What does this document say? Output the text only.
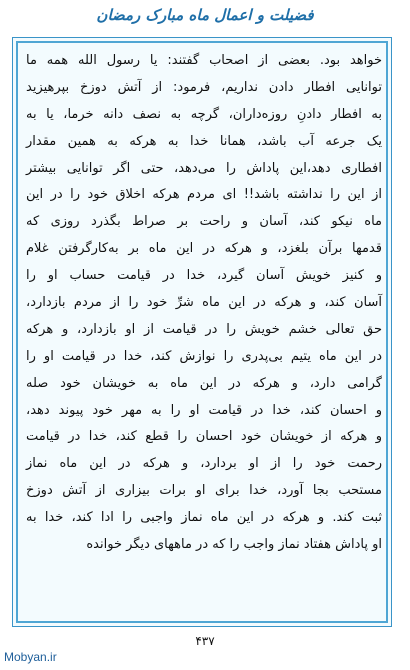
فضیلت و اعمال ماه مبارک رمضان
خواهد بود. بعضی از اصحاب گفتند: یا رسول الله همه ما
توانایی افطار دادن نداریم، فرمود: از آتش دوزخ بپرهیزید
به افطار دادنِ روزه‌داران، گرچه به نصف دانه خرما، یا به
یک جرعه آب باشد، همانا خدا به هرکه به همین مقدار
افطاری دهد،این پاداش را می‌دهد، حتی اگر توانایی بیشتر
از این را نداشته باشد!! ای مردم هرکه اخلاق خود را در این
ماه نیکو کند، آسان و راحت بر صراط بگذرد روزی که
قدمها برآن بلغزد، و هرکه در این ماه بر به‌کارگرفتن غلام
و کنیز خویش آسان گیرد، خدا در قیامت حساب او را
آسان کند، و هرکه در این ماه شرِّ خود را از مردم بازدارد،
حق تعالی خشم خویش را در قیامت از او بازدارد، و هرکه
در این ماه یتیم بی‌پدری را نوازش کند، خدا در قیامت او را
گرامی دارد، و هرکه در این ماه به خویشان خود صله
و احسان کند، خدا در قیامت او را به مهر خود پیوند دهد،
و هرکه از خویشان خود احسان را قطع کند، خدا در قیامت
رحمت خود را از او بردارد، و هرکه در این ماه نماز
مستحب بجا آورد، خدا برای او برات بیزاری از آتش دوزخ
ثبت کند. و هرکه در این ماه نماز واجبی را ادا کند، خدا به
او پاداش هفتاد نماز واجب را که در ماههای دیگر خوانده
۴۳۷
Mobyan.ir
